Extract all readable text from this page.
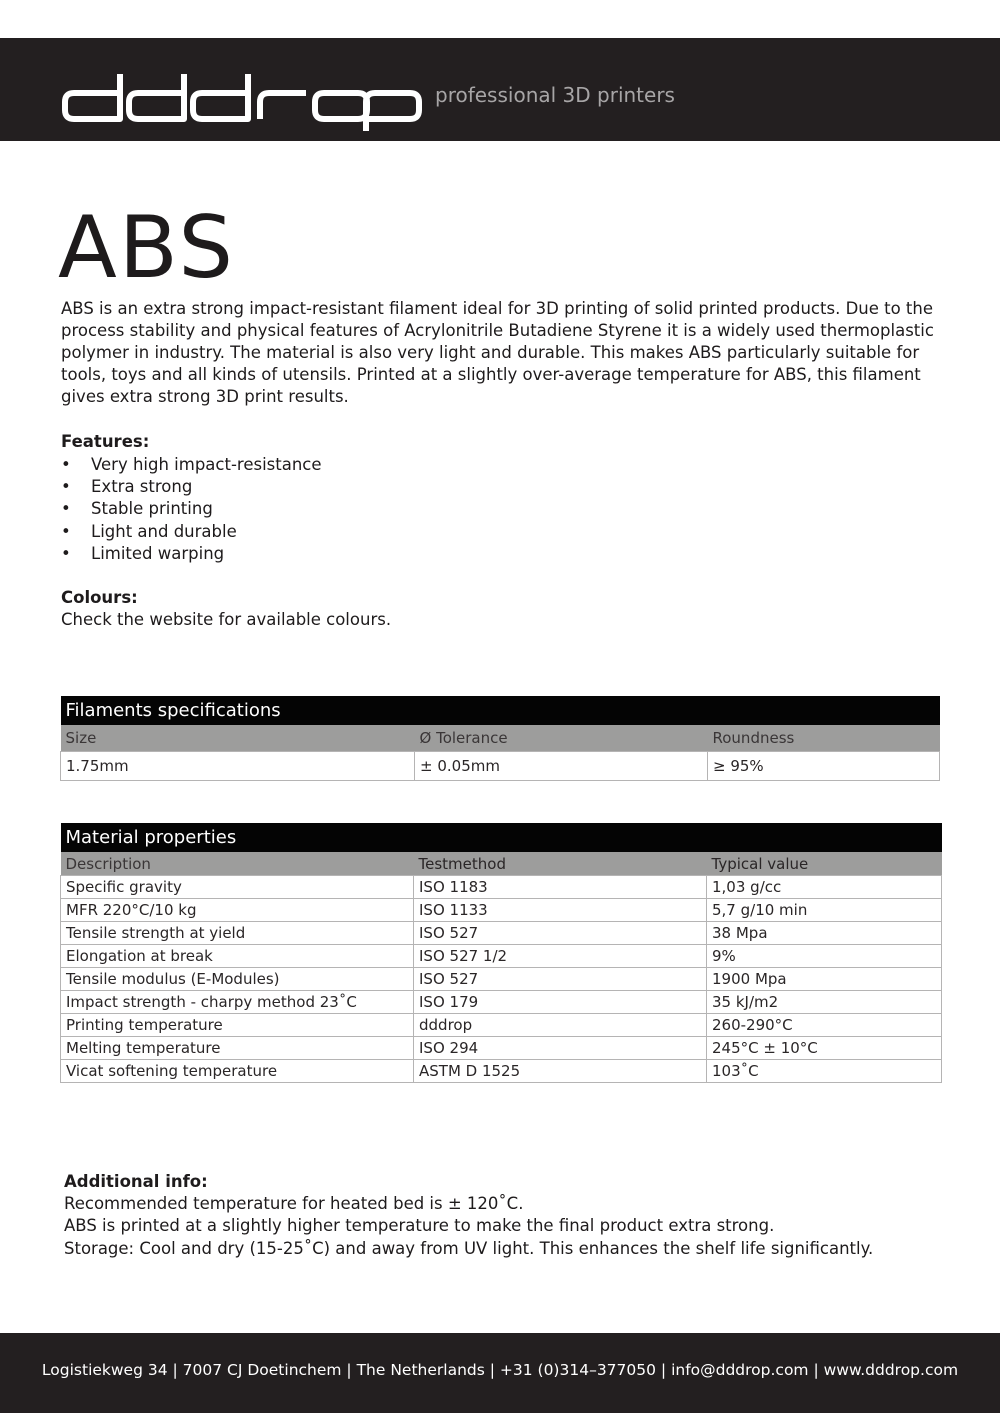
professional 3D printers
ABS

ABS is an extra strong impact-resistant filament ideal for 3D printing of solid printed products. Due to the process stability and physical features of Acrylonitrile Butadiene Styrene it is a widely used thermoplastic polymer in industry. The material is also very light and durable. This makes ABS particularly suitable for tools, toys and all kinds of utensils. Printed at a slightly over-average temperature for ABS, this filament gives extra strong 3D print results.

Features:
• Very high impact-resistance
• Extra strong
• Stable printing
• Light and durable
• Limited warping
Colours:
Check the website for available colours.
Filaments specifications		
Size	Ø Tolerance	Roundness
1.75mm	± 0.05mm	≥ 95%
Material properties		
Description	Testmethod	Typical value
Specific gravity	ISO 1183	1,03 g/cc
MFR 220°C/10 kg	ISO 1133	5,7 g/10 min
Tensile strength at yield	ISO 527	38 Mpa
Elongation at break	ISO 527 1/2	9%
Tensile modulus (E-Modules)	ISO 527	1900 Mpa
Impact strength - charpy method 23˚C	ISO 179	35 kJ/m2
Printing temperature	dddrop	260-290°C
Melting temperature	ISO 294	245°C ± 10°C
Vicat softening temperature	ASTM D 1525	103˚C
Additional info:
Recommended temperature for heated bed is ± 120˚C.
ABS is printed at a slightly higher temperature to make the final product extra strong.
Storage: Cool and dry (15-25˚C) and away from UV light. This enhances the shelf life significantly.
Logistiekweg 34 | 7007 CJ Doetinchem | The Netherlands | +31 (0)314–377050 | info@dddrop.com | www.dddrop.com
